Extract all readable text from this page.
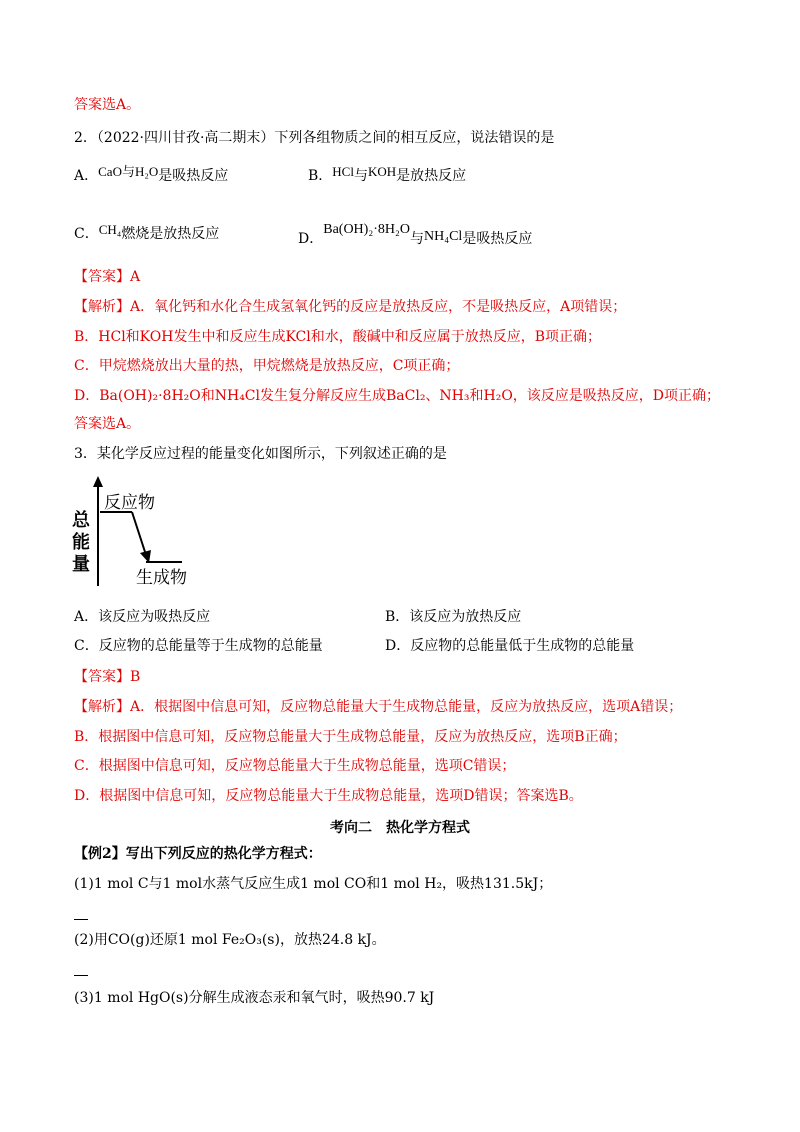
答案选A。
2．（2022·四川甘孜·高二期末）下列各组物质之间的相互反应，说法错误的是
A．CaO与H₂O是吸热反应	B．HCl与KOH是放热反应
C．CH₄燃烧是放热反应	D．Ba(OH)₂·8H₂O与NH₄Cl是吸热反应
【答案】A
【解析】A．氧化钙和水化合生成氢氧化钙的反应是放热反应，不是吸热反应，A项错误；
B．HCl和KOH发生中和反应生成KCl和水，酸碱中和反应属于放热反应，B项正确；
C．甲烷燃烧放出大量的热，甲烷燃烧是放热反应，C项正确；
D．Ba(OH)₂·8H₂O和NH₄Cl发生复分解反应生成BaCl₂、NH₃和H₂O，该反应是吸热反应，D项正确；
答案选A。
3．某化学反应过程的能量变化如图所示，下列叙述正确的是
总
能
量
反应物
生成物
A．该反应为吸热反应	B．该反应为放热反应
C．反应物的总能量等于生成物的总能量	D．反应物的总能量低于生成物的总能量
【答案】B
【解析】A．根据图中信息可知，反应物总能量大于生成物总能量，反应为放热反应，选项A错误；
B．根据图中信息可知，反应物总能量大于生成物总能量，反应为放热反应，选项B正确；
C．根据图中信息可知，反应物总能量大于生成物总能量，选项C错误；
D．根据图中信息可知，反应物总能量大于生成物总能量，选项D错误；答案选B。
考向二　热化学方程式
【例2】写出下列反应的热化学方程式：
(1)1 mol C与1 mol水蒸气反应生成1 mol CO和1 mol H₂，吸热131.5kJ；
(2)用CO(g)还原1 mol Fe₂O₃(s)，放热24.8 kJ。
(3)1 mol HgO(s)分解生成液态汞和氧气时，吸热90.7 kJ
